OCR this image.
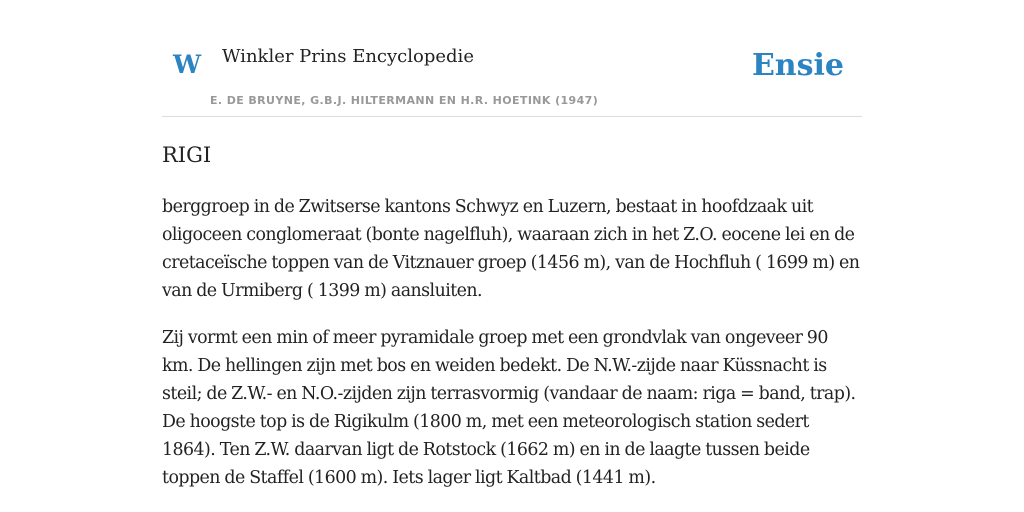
W Winkler Prins Encyclopedie
E. DE BRUYNE, G.B.J. HILTERMANN EN H.R. HOETINK (1947)
Ensie
RIGI

berggroep in de Zwitserse kantons Schwyz en Luzern, bestaat in hoofdzaak uit oligoceen conglomeraat (bonte nagelfluh), waaraan zich in het Z.O. eocene lei en de cretaceïsche toppen van de Vitznauer groep (1456 m), van de Hochfluh ( 1699 m) en van de Urmiberg ( 1399 m) aansluiten.

Zij vormt een min of meer pyramidale groep met een grondvlak van ongeveer 90 km. De hellingen zijn met bos en weiden bedekt. De N.W.-zijde naar Küssnacht is steil; de Z.W.- en N.O.-zijden zijn terrasvormig (vandaar de naam: riga = band, trap). De hoogste top is de Rigikulm (1800 m, met een meteorologisch station sedert 1864). Ten Z.W. daarvan ligt de Rotstock (1662 m) en in de laagte tussen beide toppen de Staffel (1600 m). Iets lager ligt Kaltbad (1441 m).
